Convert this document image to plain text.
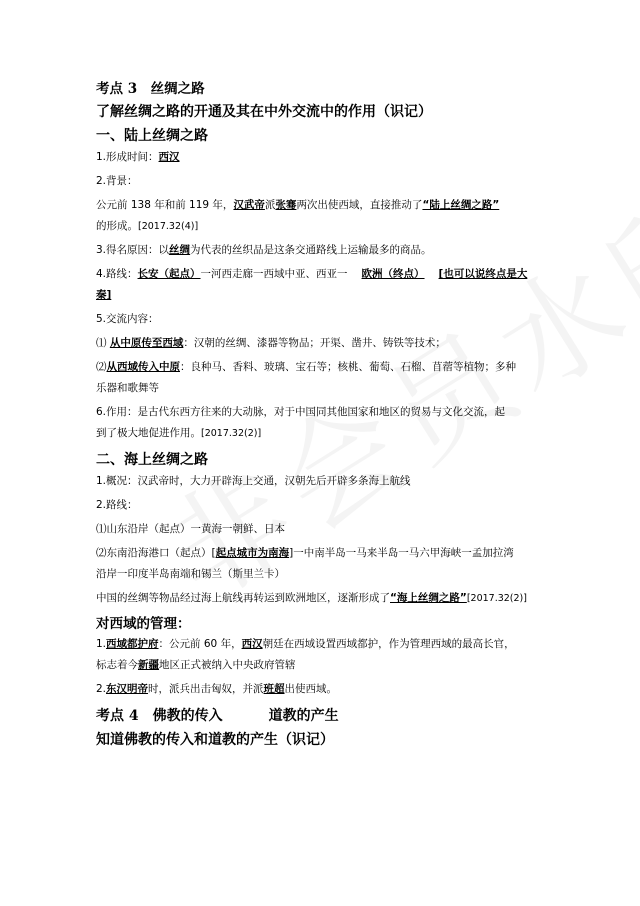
考点 3　丝绸之路
了解丝绸之路的开通及其在中外交流中的作用（识记）
一、陆上丝绸之路
1.形成时间：西汉
2.背景：
公元前 138 年和前 119 年，汉武帝派张骞两次出使西域，直接推动了“陆上丝绸之路”
的形成。[2017.32(4)]
3.得名原因：以丝绸为代表的丝织品是这条交通路线上运输最多的商品。
4.路线：长安（起点）一河西走廊一西域中亚、西亚一 欧洲（终点） [也可以说终点是大
秦]
5.交流内容：
⑴ 从中原传至西域：汉朝的丝绸、漆器等物品；开渠、凿井、铸铁等技术；
⑵从西域传入中原：良种马、香料、玻璃、宝石等；核桃、葡萄、石榴、苜蓿等植物；多种
乐器和歌舞等
6.作用：是古代东西方往来的大动脉，对于中国同其他国家和地区的贸易与文化交流，起
到了极大地促进作用。[2017.32(2)]
二、海上丝绸之路
1.概况：汉武帝时，大力开辟海上交通，汉朝先后开辟多条海上航线
2.路线：
⑴山东沿岸（起点）一黄海一朝鲜、日本
⑵东南沿海港口（起点）[起点城市为南海]一中南半岛一马来半岛一马六甲海峡一孟加拉湾
沿岸一印度半岛南端和锡兰（斯里兰卡）
中国的丝绸等物品经过海上航线再转运到欧洲地区，逐渐形成了“海上丝绸之路”[2017.32(2)]
对西域的管理：
1.西域都护府：公元前 60 年，西汉朝廷在西域设置西域都护，作为管理西域的最高长官，
标志着今新疆地区正式被纳入中央政府管辖
2.东汉明帝时，派兵出击匈奴，并派班超出使西域。
考点 4　佛教的传入	道教的产生
知道佛教的传入和道教的产生（识记）
